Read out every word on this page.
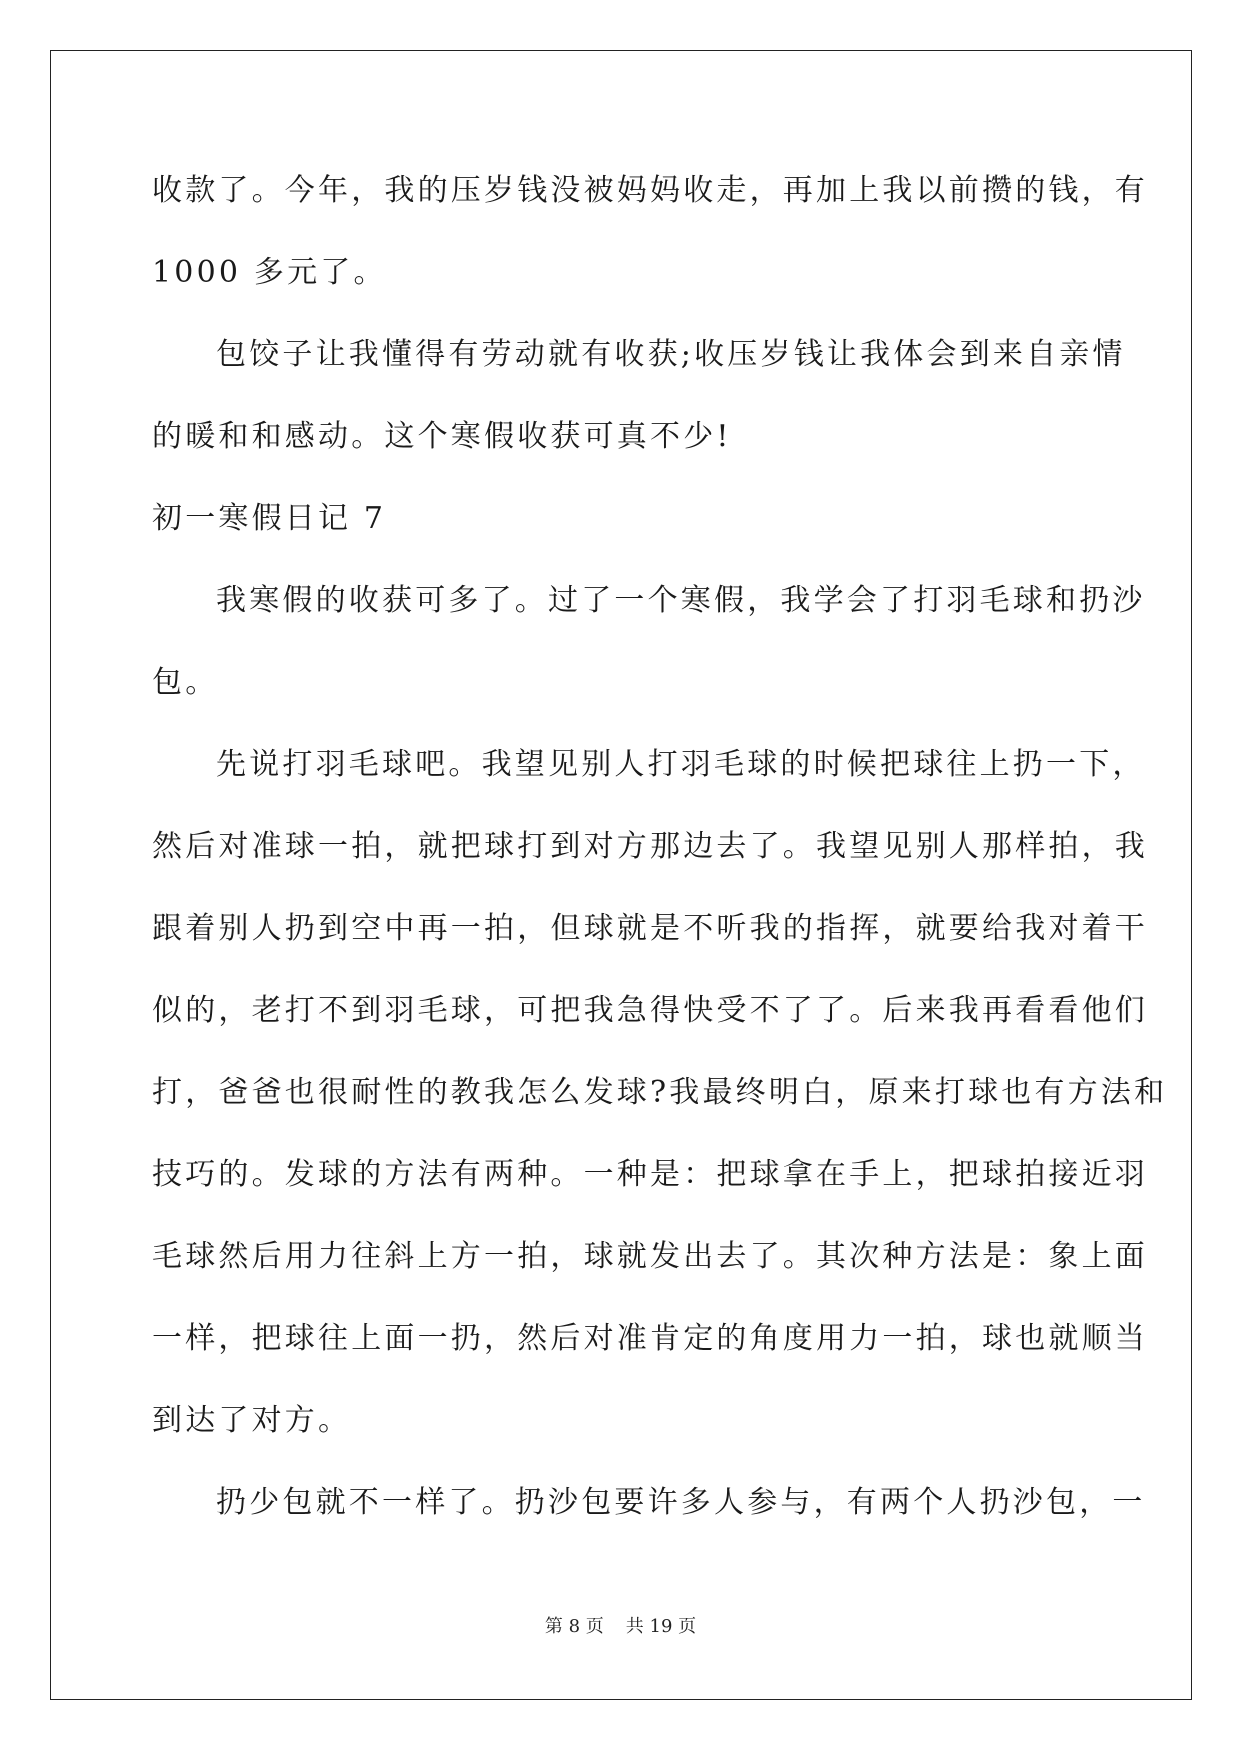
收款了。今年，我的压岁钱没被妈妈收走，再加上我以前攒的钱，有
1000 多元了。
包饺子让我懂得有劳动就有收获;收压岁钱让我体会到来自亲情
的暖和和感动。这个寒假收获可真不少!
初一寒假日记 7
我寒假的收获可多了。过了一个寒假，我学会了打羽毛球和扔沙
包。
先说打羽毛球吧。我望见别人打羽毛球的时候把球往上扔一下，
然后对准球一拍，就把球打到对方那边去了。我望见别人那样拍，我
跟着别人扔到空中再一拍，但球就是不听我的指挥，就要给我对着干
似的，老打不到羽毛球，可把我急得快受不了了。后来我再看看他们
打，爸爸也很耐性的教我怎么发球?我最终明白，原来打球也有方法和
技巧的。发球的方法有两种。一种是：把球拿在手上，把球拍接近羽
毛球然后用力往斜上方一拍，球就发出去了。其次种方法是：象上面
一样，把球往上面一扔，然后对准肯定的角度用力一拍，球也就顺当
到达了对方。
扔少包就不一样了。扔沙包要许多人参与，有两个人扔沙包，一
第 8 页 共 19 页
